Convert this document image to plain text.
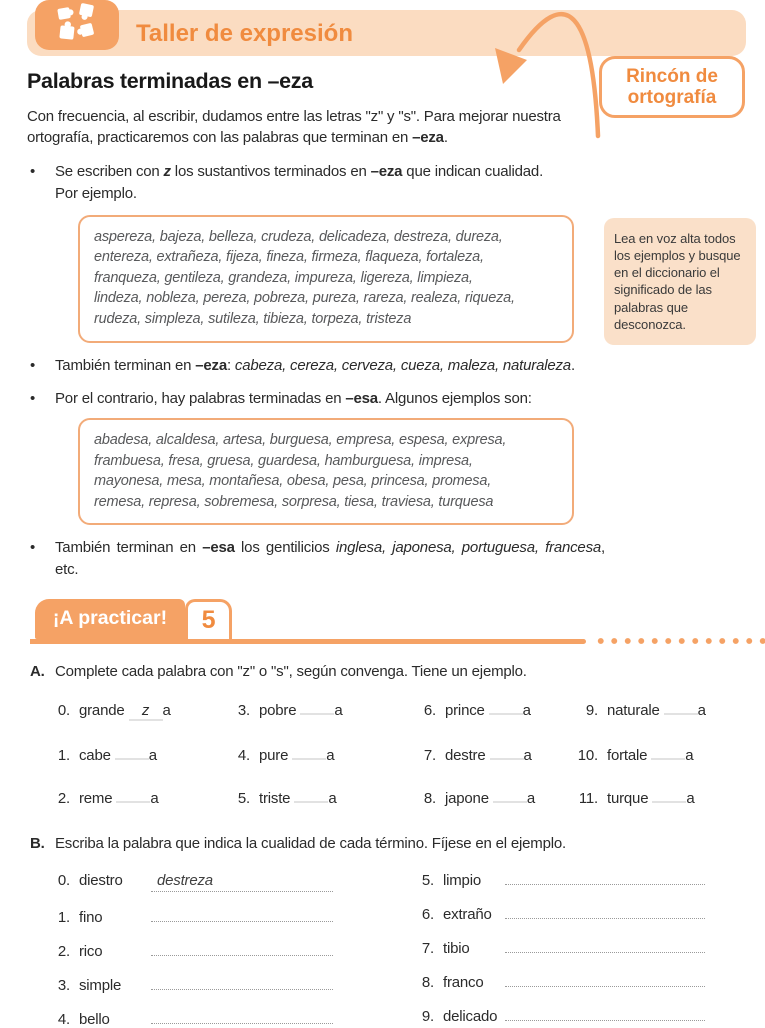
Taller de expresión
Rincón de
ortografía
Lea en voz alta todos los ejemplos y busque en el diccionario el significado de las palabras que desconozca.
Palabras terminadas en –eza

Con frecuencia, al escribir, dudamos entre las letras "z" y "s". Para mejorar nuestra ortografía, practicaremos con las palabras que terminan en –eza.

• Se escriben con z los sustantivos terminados en –eza que indican cualidad.
Por ejemplo.
aspereza, bajeza, belleza, crudeza, delicadeza, destreza, dureza,
entereza, extrañeza, fijeza, fineza, firmeza, flaqueza, fortaleza,
franqueza, gentileza, grandeza, impureza, ligereza, limpieza,
lindeza, nobleza, pereza, pobreza, pureza, rareza, realeza, riqueza,
rudeza, simpleza, sutileza, tibieza, torpeza, tristeza
• También terminan en –eza: cabeza, cereza, cerveza, cueza, maleza, naturaleza.
• Por el contrario, hay palabras terminadas en –esa. Algunos ejemplos son:
abadesa, alcaldesa, artesa, burguesa, empresa, espesa, expresa,
frambuesa, fresa, gruesa, guardesa, hamburguesa, impresa,
mayonesa, mesa, montañesa, obesa, pesa, princesa, promesa,
remesa, represa, sobremesa, sorpresa, tiesa, traviesa, turquesa
• También terminan en –esa los gentilicios inglesa, japonesa, portuguesa, francesa, etc.
¡A practicar!	5
A. Complete cada palabra con "z" o "s", según convenga. Tiene un ejemplo.
0. grande	z a	3. pobre	a	6. prince	a	9. naturale	a
1. cabe	a	4. pure	a	7. destre	a	10. fortale	a
2. reme	a	5. triste	a	8. japone	a	11. turque	a
B. Escriba la palabra que indica la cualidad de cada término. Fíjese en el ejemplo.
0. diestro	destreza
1. fino
2. rico
3. simple
4. bello
5. limpio
6. extraño
7. tibio
8. franco
9. delicado
